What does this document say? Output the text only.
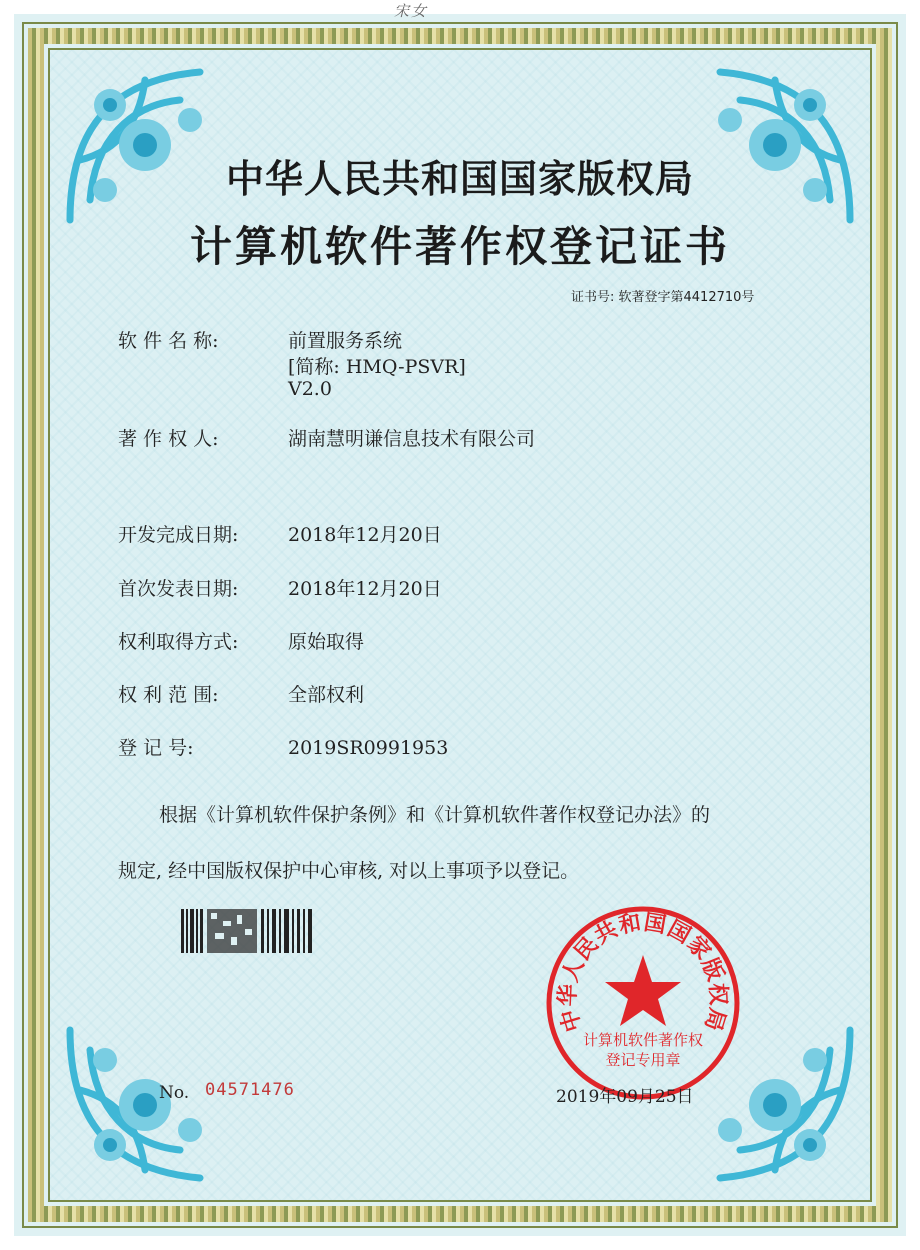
宋女
中华人民共和国国家版权局
计算机软件著作权登记证书
证书号: 软著登字第4412710号
软 件 名 称:	前置服务系统
[简称: HMQ-PSVR]
V2.0
著 作 权 人:	湖南慧明谦信息技术有限公司
开发完成日期:	2018年12月20日
首次发表日期:	2018年12月20日
权利取得方式:	原始取得
权 利 范 围:	全部权利
登 记 号:	2019SR0991953
根据《计算机软件保护条例》和《计算机软件著作权登记办法》的
规定, 经中国版权保护中心审核, 对以上事项予以登记。
中华人民共和国国家版权局
计算机软件著作权
登记专用章
No. 04571476	2019年09月25日
